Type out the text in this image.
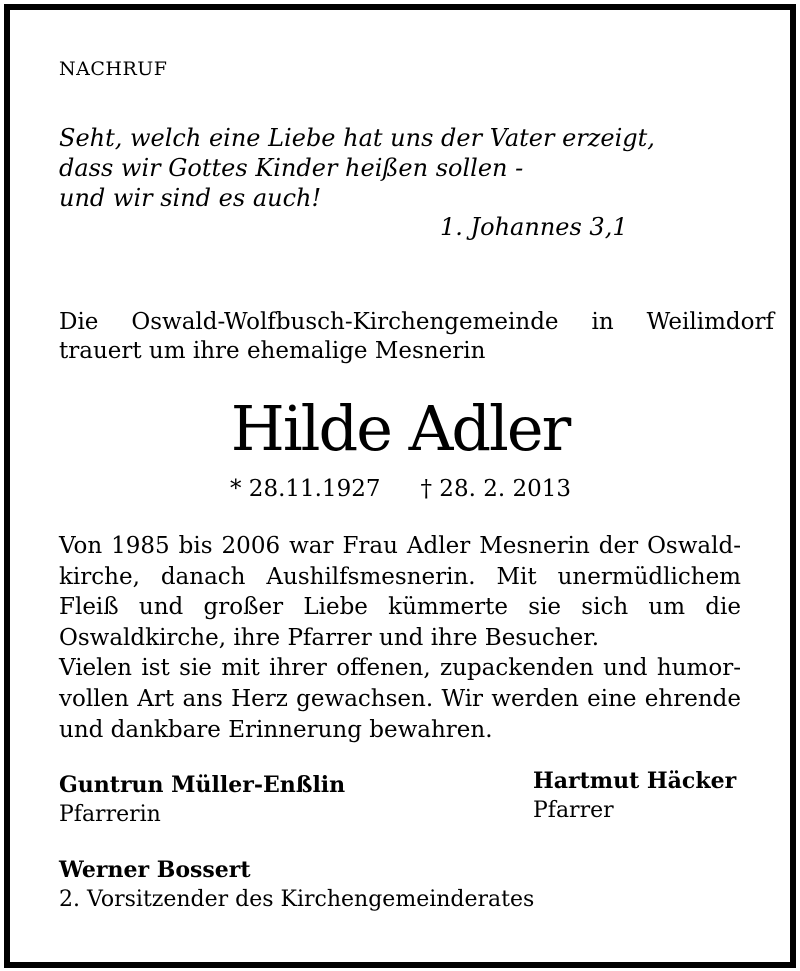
NACHRUF
Seht, welch eine Liebe hat uns der Vater erzeigt,
dass wir Gottes Kinder heißen sollen -
und wir sind es auch!
1. Johannes 3,1
Die Oswald-Wolfbusch-Kirchengemeinde in Weilimdorf
trauert um ihre ehemalige Mesnerin
Hilde Adler
* 28.11.1927 † 28. 2. 2013

Von 1985 bis 2006 war Frau Adler Mesnerin der Oswaldkirche, danach Aushilfsmesnerin. Mit unermüdlichem Fleiß und großer Liebe kümmerte sie sich um die Oswaldkirche, ihre Pfarrer und ihre Besucher.

Vielen ist sie mit ihrer offenen, zupackenden und humorvollen Art ans Herz gewachsen. Wir werden eine ehrende und dankbare Erinnerung bewahren.

Guntrun Müller-Enßlin
Pfarrerin
Hartmut Häcker
Pfarrer
Werner Bossert
2. Vorsitzender des Kirchengemeinderates
